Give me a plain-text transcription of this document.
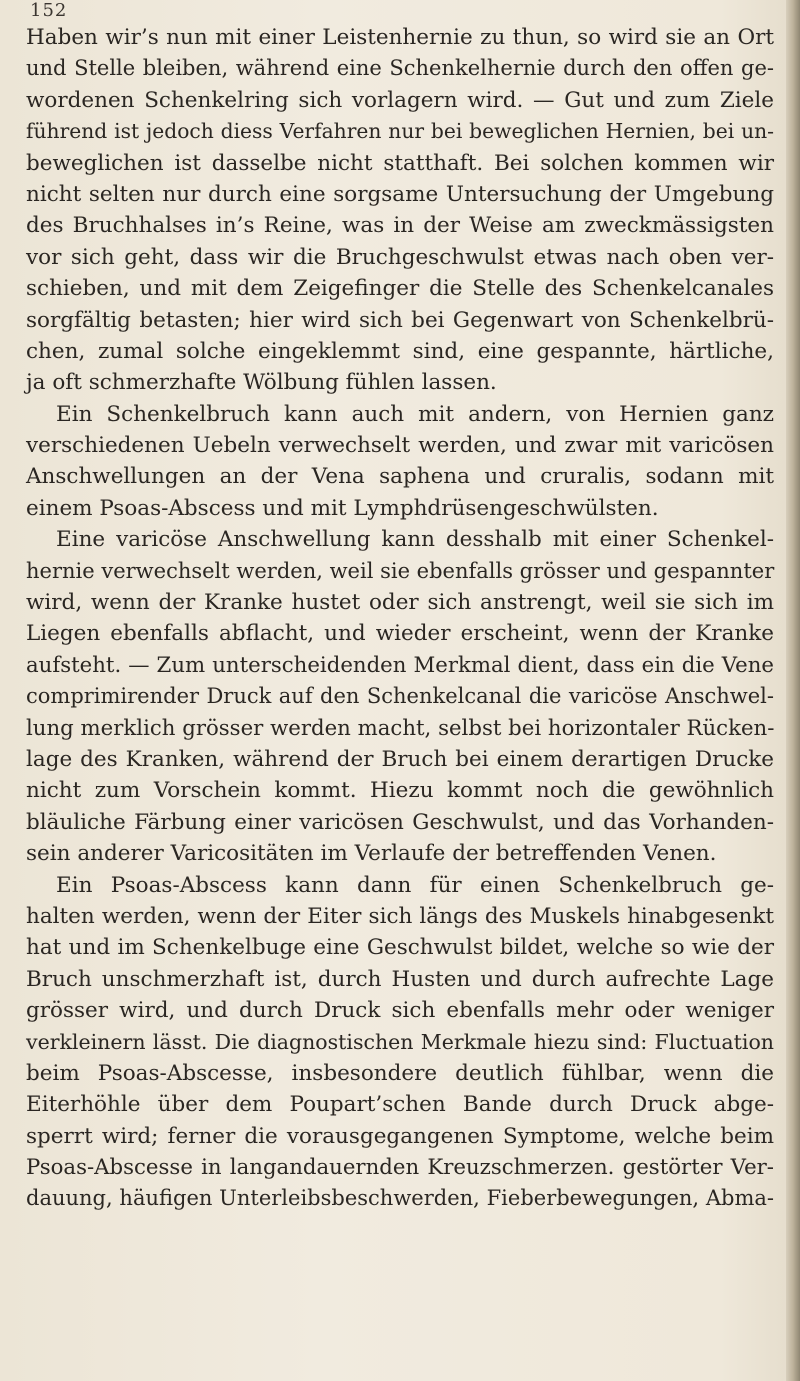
152
Haben wir’s nun mit einer Leistenhernie zu thun, so wird sie an Ort
und Stelle bleiben, während eine Schenkelhernie durch den offen ge-
wordenen Schenkelring sich vorlagern wird. — Gut und zum Ziele
führend ist jedoch diess Verfahren nur bei beweglichen Hernien, bei un-
beweglichen ist dasselbe nicht statthaft. Bei solchen kommen wir
nicht selten nur durch eine sorgsame Untersuchung der Umgebung
des Bruchhalses in’s Reine, was in der Weise am zweckmässigsten
vor sich geht, dass wir die Bruchgeschwulst etwas nach oben ver-
schieben, und mit dem Zeigefinger die Stelle des Schenkelcanales
sorgfältig betasten; hier wird sich bei Gegenwart von Schenkelbrü-
chen, zumal solche eingeklemmt sind, eine gespannte, härtliche,
ja oft schmerzhafte Wölbung fühlen lassen.
Ein Schenkelbruch kann auch mit andern, von Hernien ganz
verschiedenen Uebeln verwechselt werden, und zwar mit varicösen
Anschwellungen an der Vena saphena und cruralis, sodann mit
einem Psoas-Abscess und mit Lymphdrüsengeschwülsten.
Eine varicöse Anschwellung kann desshalb mit einer Schenkel-
hernie verwechselt werden, weil sie ebenfalls grösser und gespannter
wird, wenn der Kranke hustet oder sich anstrengt, weil sie sich im
Liegen ebenfalls abflacht, und wieder erscheint, wenn der Kranke
aufsteht. — Zum unterscheidenden Merkmal dient, dass ein die Vene
comprimirender Druck auf den Schenkelcanal die varicöse Anschwel-
lung merklich grösser werden macht, selbst bei horizontaler Rücken-
lage des Kranken, während der Bruch bei einem derartigen Drucke
nicht zum Vorschein kommt. Hiezu kommt noch die gewöhnlich
bläuliche Färbung einer varicösen Geschwulst, und das Vorhanden-
sein anderer Varicositäten im Verlaufe der betreffenden Venen.
Ein Psoas-Abscess kann dann für einen Schenkelbruch ge-
halten werden, wenn der Eiter sich längs des Muskels hinabgesenkt
hat und im Schenkelbuge eine Geschwulst bildet, welche so wie der
Bruch unschmerzhaft ist, durch Husten und durch aufrechte Lage
grösser wird, und durch Druck sich ebenfalls mehr oder weniger
verkleinern lässt. Die diagnostischen Merkmale hiezu sind: Fluctuation
beim Psoas-Abscesse, insbesondere deutlich fühlbar, wenn die
Eiterhöhle über dem Poupart’schen Bande durch Druck abge-
sperrt wird; ferner die vorausgegangenen Symptome, welche beim
Psoas-Abscesse in langandauernden Kreuzschmerzen. gestörter Ver-
dauung, häufigen Unterleibsbeschwerden, Fieberbewegungen, Abma-
